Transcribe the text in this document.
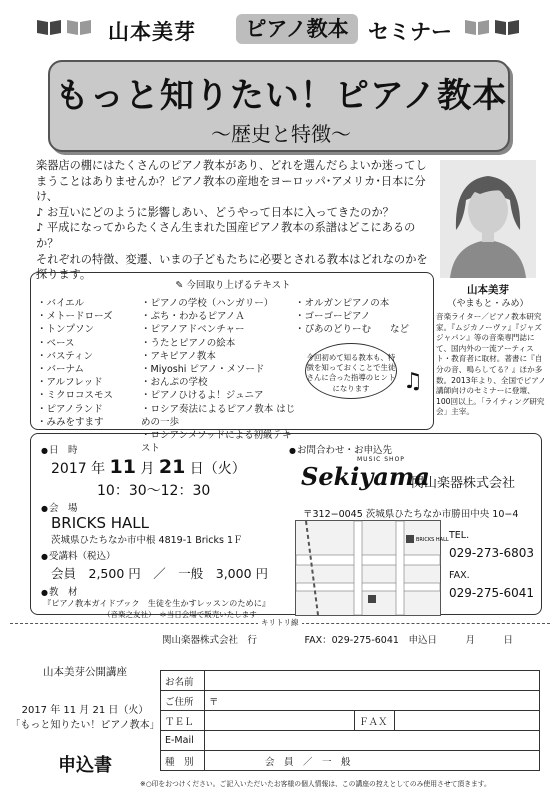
山本美芽	ピアノ教本 セミナー
もっと知りたい！ピアノ教本
〜歴史と特徴〜

楽器店の棚にはたくさんのピアノ教本があり、どれを選んだらよいか迷ってしまうことはありませんか？ピアノ教本の産地をヨーロッパ･アメリカ･日本に分け、

♪ お互いにどのように影響しあい、どうやって日本に入ってきたのか？

♪ 平成になってからたくさん生まれた国産ピアノ教本の系譜はどこにあるのか？

それぞれの特徴、変遷、いまの子どもたちに必要とされる教本はどれなのかを探ります。

山本美芽
（やまもと・みめ）
音楽ライター／ピアノ教本研究家。『ムジカノーヴァ』『ジャズジャパン』等の音楽専門誌にて、国内外の一流アーティスト・教育者に取材。著書に『自分の音、鳴らしてる？』ほか多数。2013年より、全国でピアノ講師向けのセミナーに登壇、100回以上。「ライティング研究会」主宰。
✎ 今回取り上げるテキスト
・バイエル
・メトードローズ
・トンプソン
・ベース
・バスティン
・バーナム
・アルフレッド
・ミクロコスモス
・ピアノランド
・みみをすます
・ピアノの学校（ハンガリー）
・ぷち・わかるピアノＡ
・ピアノアドベンチャー
・うたとピアノの絵本
・アキピアノ教本
・Miyoshi ピアノ・メソード
・おんぷの学校
・ピアノひけるよ！ジュニア
・ロシア奏法によるピアノ教本 はじめの一歩
・ロシアンメソッドによる初級テキスト
・オルガンピアノの本
・ゴーゴーピアノ
・ぴあのどりーむ　　など
今回初めて知る教本も、特徴を知っておくことで生徒さんに合った指導のヒントになります	♫
● 日　時
2017 年 11 月 21 日（火）
10：30〜12：30
● 会　場
BRICKS HALL
茨城県ひたちなか市中根 4819-1 Bricks 1Ｆ
● 受講料（税込）
会員　2,500 円　／　一般　3,000 円
● 教　材
『ピアノ教本ガイドブック　生徒を生かすレッスンのために』
（音楽之友社）　＊当日会場で販売いたします
● お問合わせ・お申込先
MUSIC SHOP
Sekiyama
関山楽器株式会社
〒312−0045 茨城県ひたちなか市勝田中央 10−4
BRICKS HALL TEL.
029-273-6803
FAX.
029-275-6041
キリトリ線
関山楽器株式会社　行　　　　　	FAX：029-275-6041　 申込日　　　月　　　日
山本美芽公開講座
2017 年 11 月 21 日（火）
「もっと知りたい！ピアノ教本」
申込書
お名前			
ご住所	〒		
ＴＥＬ		ＦＡＸ	
E-Mail			
種　別	会　員　／　一　般		
※○印をおつけください。ご記入いただいたお客様の個人情報は、この講座の控えとしてのみ使用させて頂きます。
